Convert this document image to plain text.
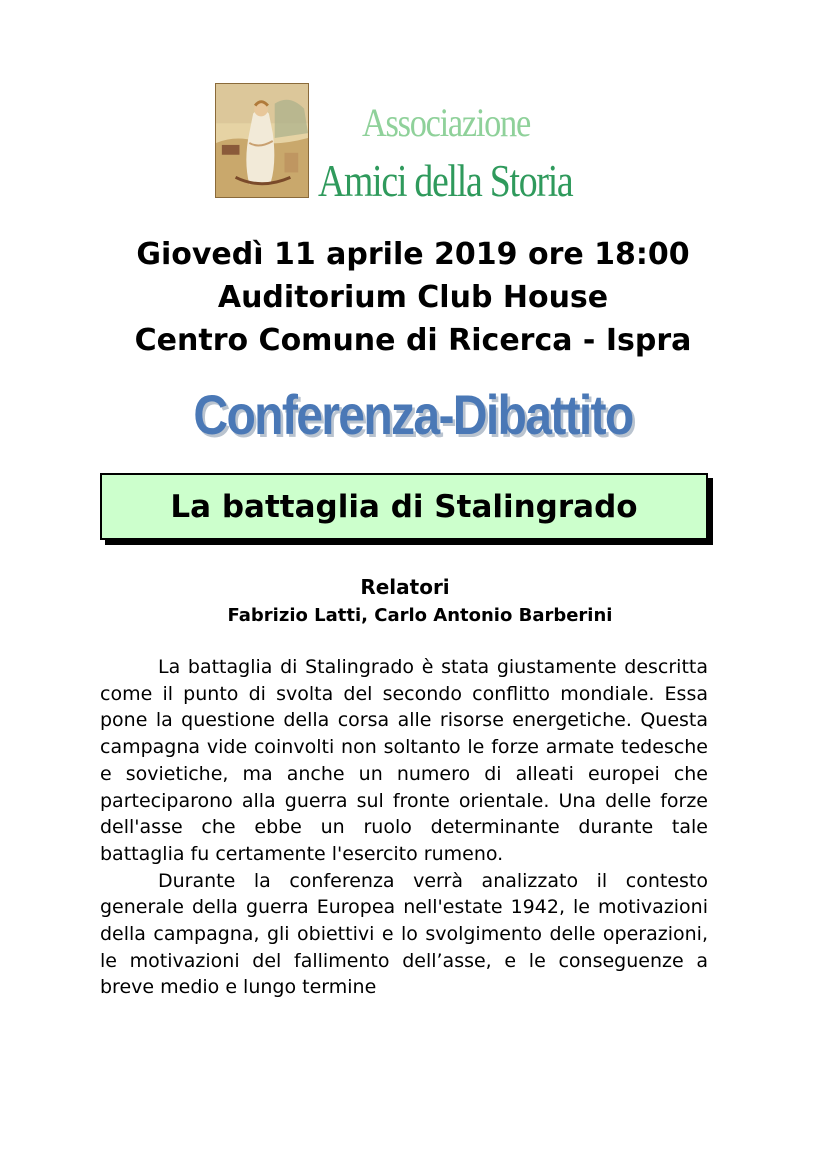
Associazione
Amici della Storia
Giovedì 11 aprile 2019 ore 18:00
Auditorium Club House
Centro Comune di Ricerca - Ispra
Conferenza-Dibattito
La battaglia di Stalingrado
Relatori
Fabrizio Latti, Carlo Antonio Barberini

La battaglia di Stalingrado è stata giustamente descritta come il punto di svolta del secondo conflitto mondiale. Essa pone la questione della corsa alle risorse energetiche. Questa campagna vide coinvolti non soltanto le forze armate tedesche e sovietiche, ma anche un numero di alleati europei che parteciparono alla guerra sul fronte orientale. Una delle forze dell'asse che ebbe un ruolo determinante durante tale battaglia fu certamente l'esercito rumeno.

Durante la conferenza verrà analizzato il contesto generale della guerra Europea nell'estate 1942, le motivazioni della campagna, gli obiettivi e lo svolgimento delle operazioni, le motivazioni del fallimento dell’asse, e le conseguenze a breve medio e lungo termine
